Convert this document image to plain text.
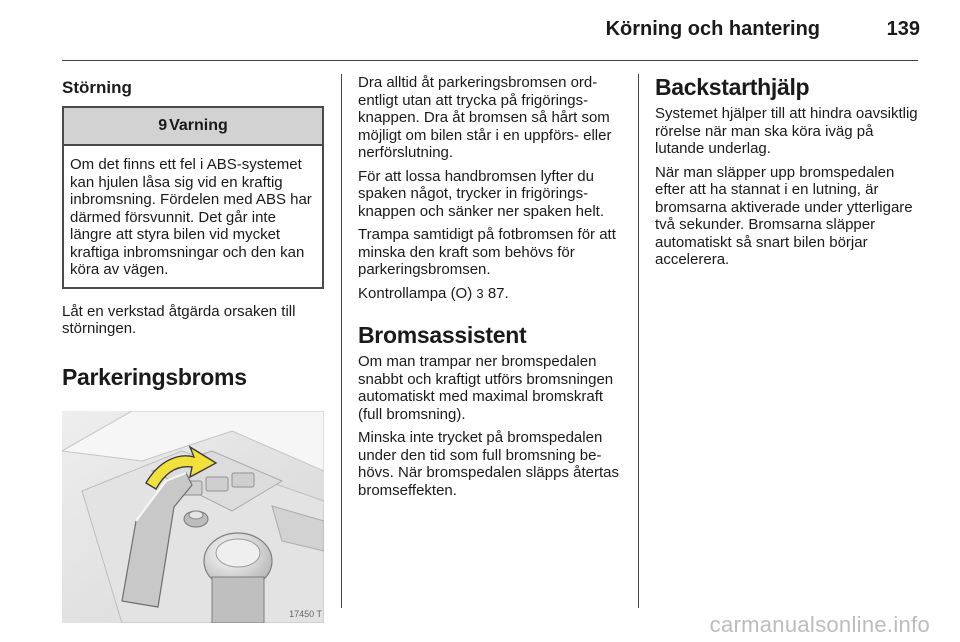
Körning och hantering	139
Störning
9 Varning
Om det finns ett fel i ABS-systemet kan hjulen låsa sig vid en kraftig inbromsning. Fördelen med ABS har därmed försvunnit. Det går inte längre att styra bilen vid mycket kraftiga inbromsningar och den kan köra av vägen.

Låt en verkstad åtgärda orsaken till störningen.

Parkeringsbroms
17450 T

Dra alltid åt parkeringsbromsen ordentligt utan att trycka på frigöringsknappen. Dra åt bromsen så hårt som möjligt om bilen står i en uppförs- eller nerförslutning.

För att lossa handbromsen lyfter du spaken något, trycker in frigöringsknappen och sänker ner spaken helt.

Trampa samtidigt på fotbromsen för att minska den kraft som behövs för parkeringsbromsen.

Kontrollampa (O) 3 87.

Bromsassistent

Om man trampar ner bromspedalen snabbt och kraftigt utförs bromsningen automatiskt med maximal bromskraft (full bromsning).

Minska inte trycket på bromspedalen under den tid som full bromsning behövs. När bromspedalen släpps återtas bromseffekten.

Backstarthjälp

Systemet hjälper till att hindra oavsiktlig rörelse när man ska köra iväg på lutande underlag.

När man släpper upp bromspedalen efter att ha stannat i en lutning, är bromsarna aktiverade under ytterligare två sekunder. Bromsarna släpper automatiskt så snart bilen börjar accelerera.

carmanualsonline.info
